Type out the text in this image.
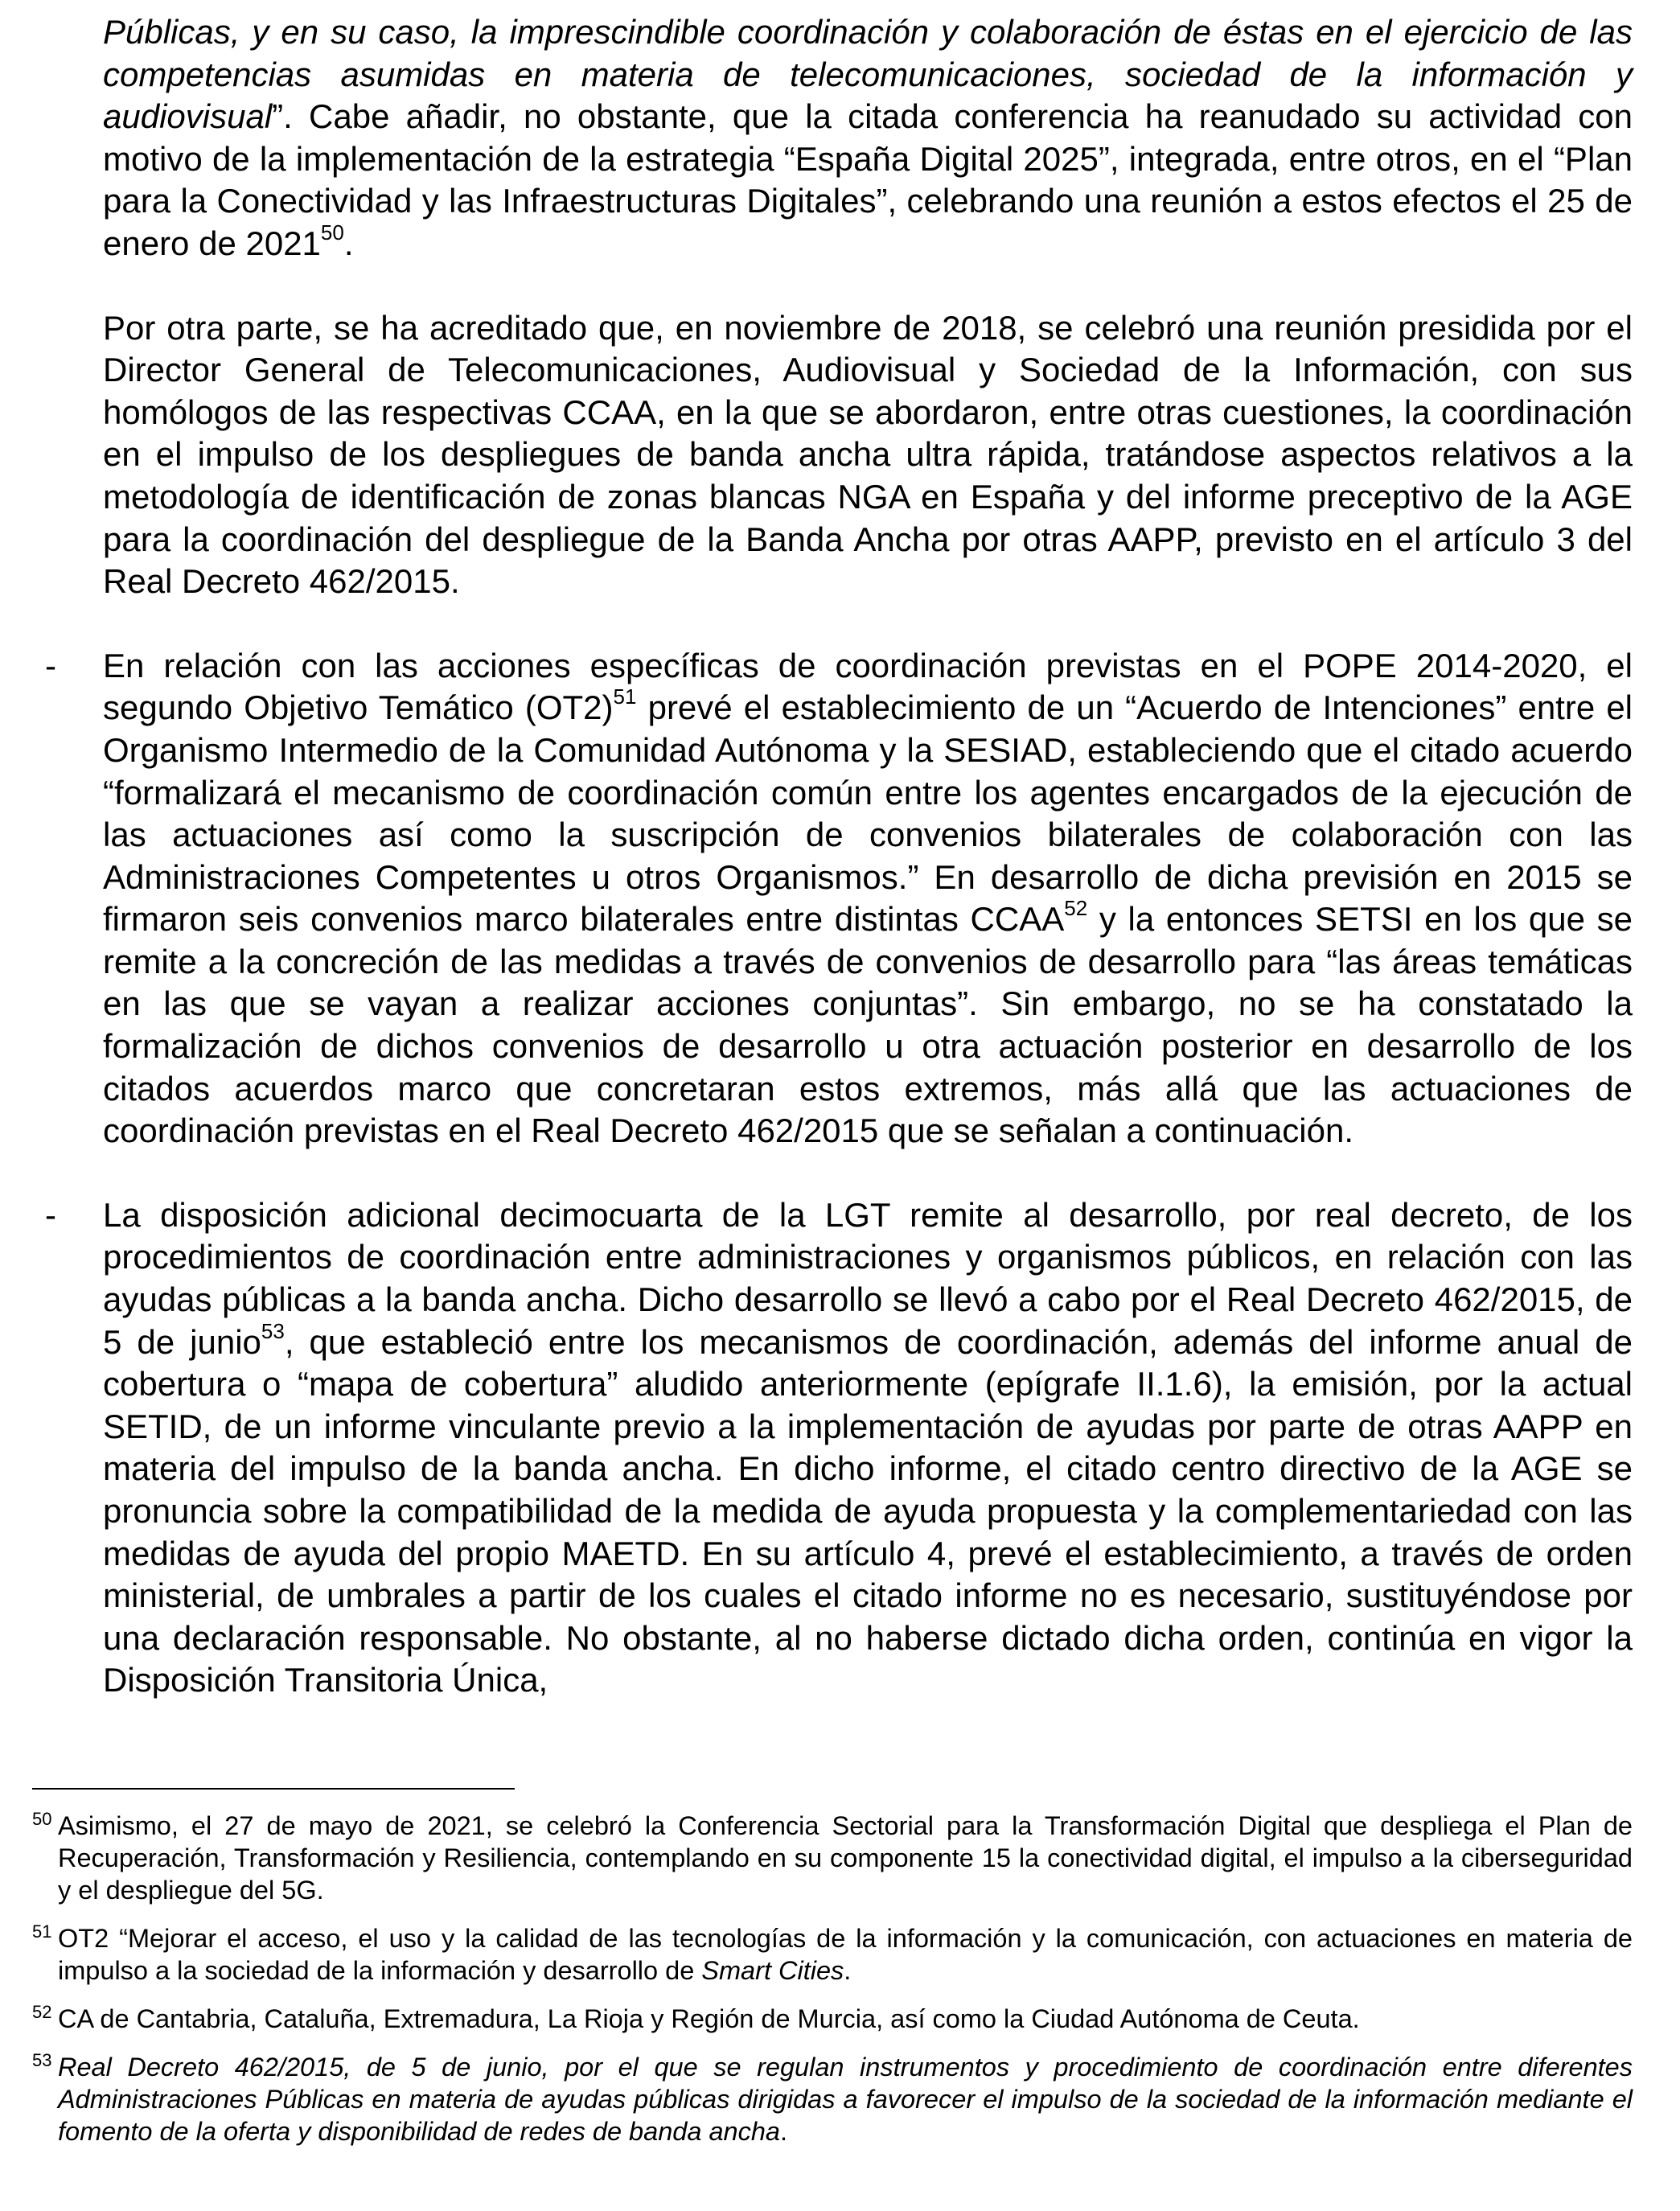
Públicas, y en su caso, la imprescindible coordinación y colaboración de éstas en el ejercicio de las competencias asumidas en materia de telecomunicaciones, sociedad de la información y audiovisual”. Cabe añadir, no obstante, que la citada conferencia ha reanudado su actividad con motivo de la implementación de la estrategia “España Digital 2025”, integrada, entre otros, en el “Plan para la Conectividad y las Infraestructuras Digitales”, celebrando una reunión a estos efectos el 25 de enero de 2021$^{50}$.

Por otra parte, se ha acreditado que, en noviembre de 2018, se celebró una reunión presidida por el Director General de Telecomunicaciones, Audiovisual y Sociedad de la Información, con sus homólogos de las respectivas CCAA, en la que se abordaron, entre otras cuestiones, la coordinación en el impulso de los despliegues de banda ancha ultra rápida, tratándose aspectos relativos a la metodología de identificación de zonas blancas NGA en España y del informe preceptivo de la AGE para la coordinación del despliegue de la Banda Ancha por otras AAPP, previsto en el artículo 3 del Real Decreto 462/2015.

- En relación con las acciones específicas de coordinación previstas en el POPE 2014-2020, el segundo Objetivo Temático $(OT2)^{51}$ prevé el establecimiento de un “Acuerdo de Intenciones” entre el Organismo Intermedio de la Comunidad Autónoma y la SESIAD, estableciendo que el citado acuerdo “formalizará el mecanismo de coordinación común entre los agentes encargados de la ejecución de las actuaciones así como la suscripción de convenios bilaterales de colaboración con las Administraciones Competentes u otros Organismos.” En desarrollo de dicha previsión en 2015 se firmaron seis convenios marco bilaterales entre distintas CCAA$^{52}$ y la entonces SETSI en los que se remite a la concreción de las medidas a través de convenios de desarrollo para “las áreas temáticas en las que se vayan a realizar acciones conjuntas”. Sin embargo, no se ha constatado la formalización de dichos convenios de desarrollo u otra actuación posterior en desarrollo de los citados acuerdos marco que concretaran estos extremos, más allá que las actuaciones de coordinación previstas en el Real Decreto 462/2015 que se señalan a continuación.

- La disposición adicional decimocuarta de la LGT remite al desarrollo, por real decreto, de los procedimientos de coordinación entre administraciones y organismos públicos, en relación con las ayudas públicas a la banda ancha. Dicho desarrollo se llevó a cabo por el Real Decreto 462/2015, de 5 de junio$^{53}$, que estableció entre los mecanismos de coordinación, además del informe anual de cobertura o “mapa de cobertura” aludido anteriormente (epígrafe II.1.6), la emisión, por la actual SETID, de un informe vinculante previo a la implementación de ayudas por parte de otras AAPP en materia del impulso de la banda ancha. En dicho informe, el citado centro directivo de la AGE se pronuncia sobre la compatibilidad de la medida de ayuda propuesta y la complementariedad con las medidas de ayuda del propio MAETD. En su artículo 4, prevé el establecimiento, a través de orden ministerial, de umbrales a partir de los cuales el citado informe no es necesario, sustituyéndose por una declaración responsable. No obstante, al no haberse dictado dicha orden, continúa en vigor la Disposición Transitoria Única,

50 Asimismo, el 27 de mayo de 2021, se celebró la Conferencia Sectorial para la Transformación Digital que despliega el Plan de Recuperación, Transformación y Resiliencia, contemplando en su componente 15 la conectividad digital, el impulso a la ciberseguridad y el despliegue del 5G.

51 OT2 “Mejorar el acceso, el uso y la calidad de las tecnologías de la información y la comunicación, con actuaciones en materia de impulso a la sociedad de la información y desarrollo de Smart Cities.

52 CA de Cantabria, Cataluña, Extremadura, La Rioja y Región de Murcia, así como la Ciudad Autónoma de Ceuta.

53 Real Decreto 462/2015, de 5 de junio, por el que se regulan instrumentos y procedimiento de coordinación entre diferentes Administraciones Públicas en materia de ayudas públicas dirigidas a favorecer el impulso de la sociedad de la información mediante el fomento de la oferta y disponibilidad de redes de banda ancha.
